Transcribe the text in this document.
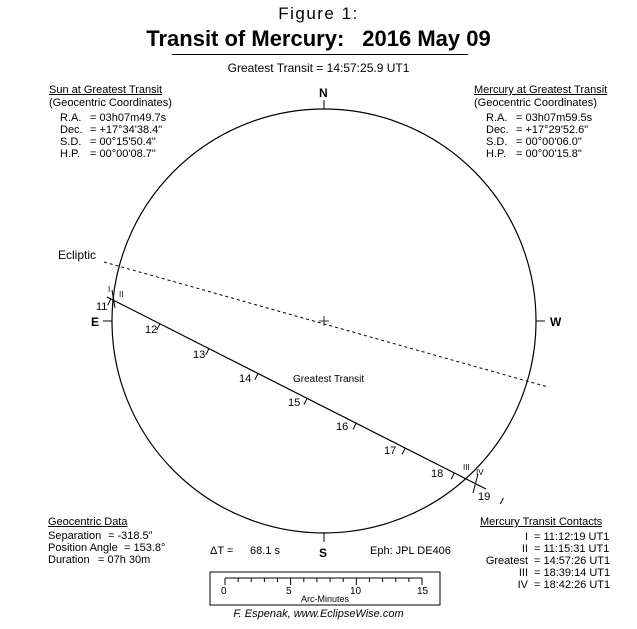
Figure 1:
Transit of Mercury: 2016 May 09
Greatest Transit = 14:57:25.9 UT1
N
S
E	W
Ecliptic
Greatest Transit
11
12
13
14
15
16
17
18
19
I
II
III
IV
Sun at Greatest Transit
(Geocentric Coordinates)
R.A. = 03h07m49.7s
Dec. = +17°34'38.4"
S.D. = 00°15'50.4"
H.P. = 00°00'08.7"
Mercury at Greatest Transit
(Geocentric Coordinates)
R.A. = 03h07m59.5s
Dec. = +17°29'52.6"
S.D. = 00°00'06.0"
H.P. = 00°00'15.8"
Geocentric Data
Separation = -318.5"
Position Angle = 153.8°
Duration = 07h 30m
ΔT = 68.1 s	Eph: JPL DE406
Mercury Transit Contacts
I = 11:12:19 UT1
II = 11:15:31 UT1
Greatest = 14:57:26 UT1
III = 18:39:14 UT1
IV = 18:42:26 UT1
0	5	10	15
Arc-Minutes
F. Espenak, www.EclipseWise.com
